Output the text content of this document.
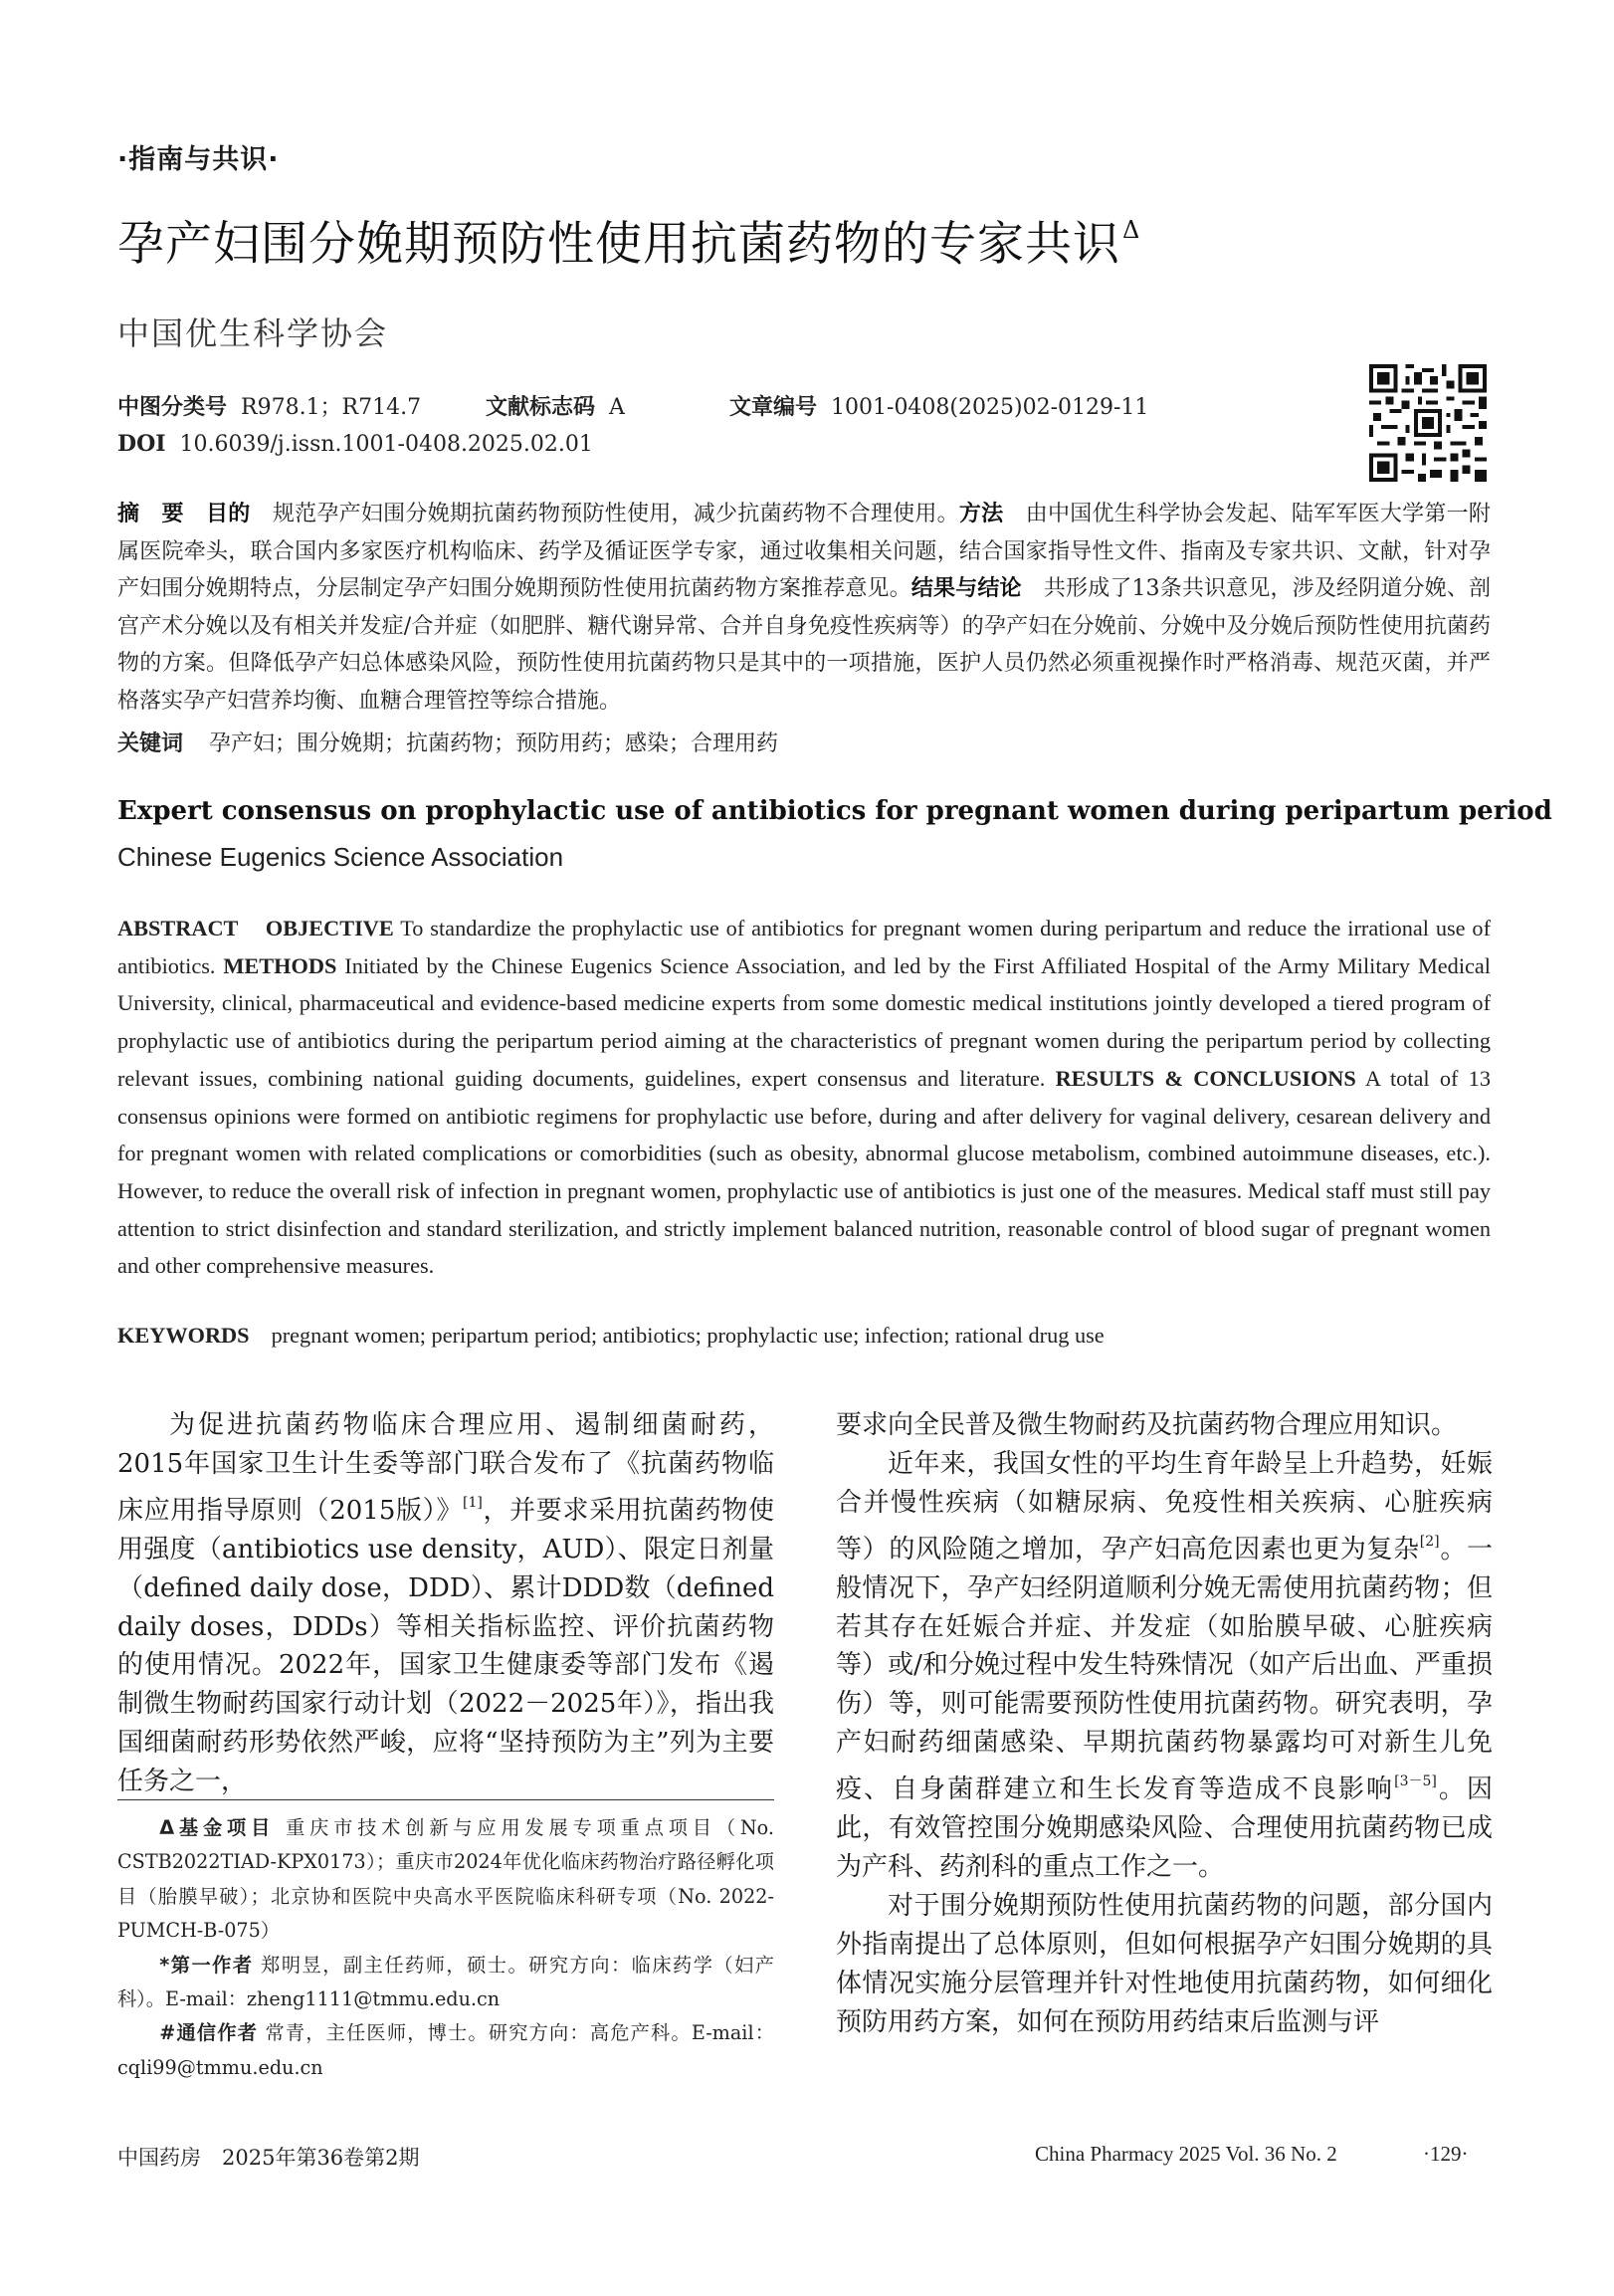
·指南与共识·
孕产妇围分娩期预防性使用抗菌药物的专家共识$^\Delta$
中国优生科学协会
中图分类号 R978.1；R714.7	文献标志码 A	文章编号 1001-0408(2025)02-0129-11
DOI 10.6039/j.issn.1001-0408.2025.02.01
摘　要　 目的　 规范孕产妇围分娩期抗菌药物预防性使用，减少抗菌药物不合理使用。方法　 由中国优生科学协会发起、陆军军医大学第一附属医院牵头，联合国内多家医疗机构临床、药学及循证医学专家，通过收集相关问题，结合国家指导性文件、指南及专家共识、文献，针对孕产妇围分娩期特点，分层制定孕产妇围分娩期预防性使用抗菌药物方案推荐意见。结果与结论　 共形成了13条共识意见，涉及经阴道分娩、剖宫产术分娩以及有相关并发症/合并症（如肥胖、糖代谢异常、合并自身免疫性疾病等）的孕产妇在分娩前、分娩中及分娩后预防性使用抗菌药物的方案。但降低孕产妇总体感染风险，预防性使用抗菌药物只是其中的一项措施，医护人员仍然必须重视操作时严格消毒、规范灭菌，并严格落实孕产妇营养均衡、血糖合理管控等综合措施。
关键词 孕产妇；围分娩期；抗菌药物；预防用药；感染；合理用药
Expert consensus on prophylactic use of antibiotics for pregnant women during peripartum period
Chinese Eugenics Science Association
ABSTRACT OBJECTIVE To standardize the prophylactic use of antibiotics for pregnant women during peripartum and reduce the irrational use of antibiotics. METHODS Initiated by the Chinese Eugenics Science Association, and led by the First Affiliated Hospital of the Army Military Medical University, clinical, pharmaceutical and evidence-based medicine experts from some domestic medical institutions jointly developed a tiered program of prophylactic use of antibiotics during the peripartum period aiming at the characteristics of pregnant women during the peripartum period by collecting relevant issues, combining national guiding documents, guidelines, expert consensus and literature. RESULTS & CONCLUSIONS A total of 13 consensus opinions were formed on antibiotic regimens for prophylactic use before, during and after delivery for vaginal delivery, cesarean delivery and for pregnant women with related complications or comorbidities (such as obesity, abnormal glucose metabolism, combined autoimmune diseases, etc.). However, to reduce the overall risk of infection in pregnant women, prophylactic use of antibiotics is just one of the measures. Medical staff must still pay attention to strict disinfection and standard sterilization, and strictly implement balanced nutrition, reasonable control of blood sugar of pregnant women and other comprehensive measures.
KEYWORDS pregnant women; peripartum period; antibiotics; prophylactic use; infection; rational drug use

为促进抗菌药物临床合理应用、遏制细菌耐药，2015年国家卫生计生委等部门联合发布了《抗菌药物临床应用指导原则（2015版）》[1]，并要求采用抗菌药物使用强度（antibiotics use density，AUD）、限定日剂量（defined daily dose，DDD）、累计DDD数（defined daily doses，DDDs）等相关指标监控、评价抗菌药物的使用情况。2022年，国家卫生健康委等部门发布《遏制微生物耐药国家行动计划（2022－2025年）》，指出我国细菌耐药形势依然严峻，应将“坚持预防为主”列为主要任务之一，

Δ基金项目 重庆市技术创新与应用发展专项重点项目（No. CSTB2022TIAD-KPX0173）；重庆市2024年优化临床药物治疗路径孵化项目（胎膜早破）；北京协和医院中央高水平医院临床科研专项（No. 2022-PUMCH-B-075）

*第一作者 郑明昱，副主任药师，硕士。研究方向：临床药学（妇产科）。E-mail：zheng1111@tmmu.edu.cn

#通信作者 常青，主任医师，博士。研究方向：高危产科。E-mail：cqli99@tmmu.edu.cn

要求向全民普及微生物耐药及抗菌药物合理应用知识。

近年来，我国女性的平均生育年龄呈上升趋势，妊娠合并慢性疾病（如糖尿病、免疫性相关疾病、心脏疾病等）的风险随之增加，孕产妇高危因素也更为复杂[2]。一般情况下，孕产妇经阴道顺利分娩无需使用抗菌药物；但若其存在妊娠合并症、并发症（如胎膜早破、心脏疾病等）或/和分娩过程中发生特殊情况（如产后出血、严重损伤）等，则可能需要预防性使用抗菌药物。研究表明，孕产妇耐药细菌感染、早期抗菌药物暴露均可对新生儿免疫、自身菌群建立和生长发育等造成不良影响[3－5]。因此，有效管控围分娩期感染风险、合理使用抗菌药物已成为产科、药剂科的重点工作之一。

对于围分娩期预防性使用抗菌药物的问题，部分国内外指南提出了总体原则，但如何根据孕产妇围分娩期的具体情况实施分层管理并针对性地使用抗菌药物，如何细化预防用药方案，如何在预防用药结束后监测与评

中国药房　2025年第36卷第2期	China Pharmacy 2025 Vol. 36 No. 2	·129·
